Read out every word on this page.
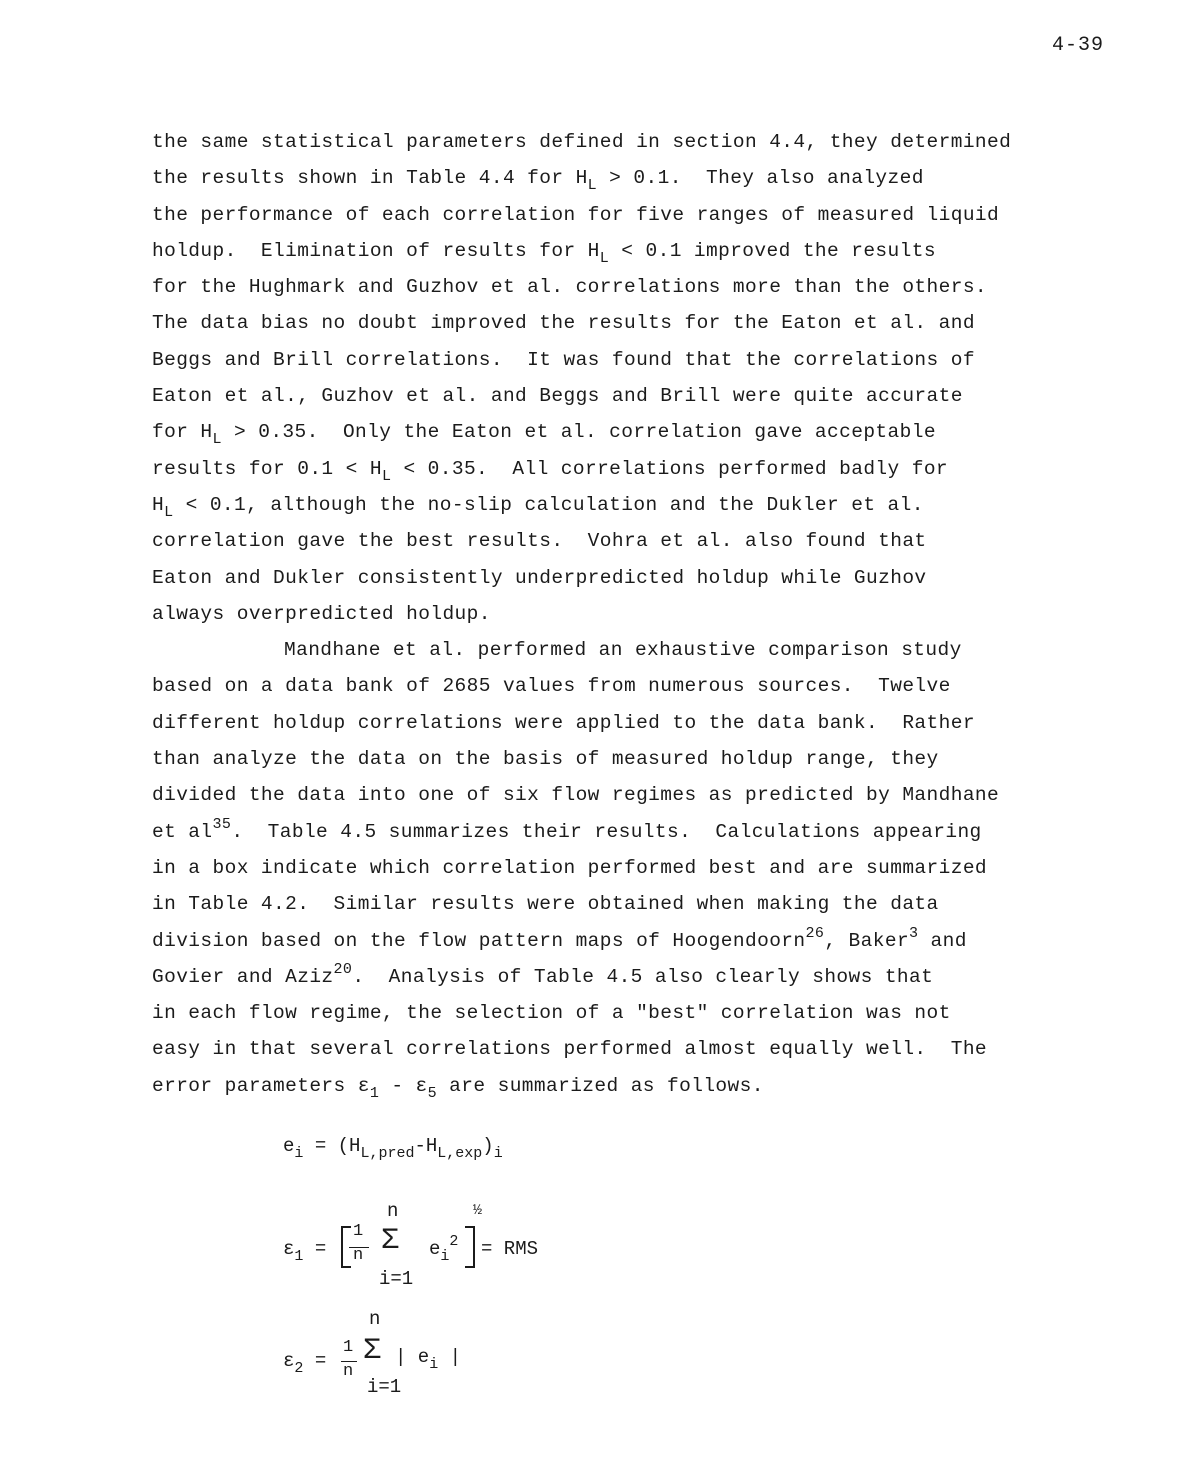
4-39
the same statistical parameters defined in section 4.4, they determined
the results shown in Table 4.4 for $H_L > 0.1$.  They also analyzed
the performance of each correlation for five ranges of measured liquid
holdup.  Elimination of results for $H_L < 0.1$ improved the results
for the Hughmark and Guzhov et al. correlations more than the others.
The data bias no doubt improved the results for the Eaton et al. and
Beggs and Brill correlations.  It was found that the correlations of
Eaton et al., Guzhov et al. and Beggs and Brill were quite accurate
for $H_L > 0.35$.  Only the Eaton et al. correlation gave acceptable
results for $0.1 < H_L < 0.35$.  All correlations performed badly for
$H_L < 0.1$, although the no-slip calculation and the Dukler et al.
correlation gave the best results.  Vohra et al. also found that
Eaton and Dukler consistently underpredicted holdup while Guzhov
always overpredicted holdup.
Mandhane et al. performed an exhaustive comparison study
based on a data bank of 2685 values from numerous sources.  Twelve
different holdup correlations were applied to the data bank.  Rather
than analyze the data on the basis of measured holdup range, they
divided the data into one of six flow regimes as predicted by Mandhane
et $al^{35}$.  Table 4.5 summarizes their results.  Calculations appearing
in a box indicate which correlation performed best and are summarized
in Table 4.2.  Similar results were obtained when making the data
division based on the flow pattern maps of Hoogendoorn$^{26}$, Baker$^3$ and
Govier and Aziz$^{20}$.  Analysis of Table 4.5 also clearly shows that
in each flow regime, the selection of a "best" correlation was not
easy in that several correlations performed almost equally well.  The
error parameters $\varepsilon_1 - \varepsilon_5$ are summarized as follows.
$e_i = (H_{L,pred}-H_{L,exp})_i$
$\varepsilon_1$ =
1
n
n
Σ
i=1
$e_i^2$
½
= RMS
$\varepsilon_2$ =
1
n
n
Σ
i=1
| $e_i$ |
